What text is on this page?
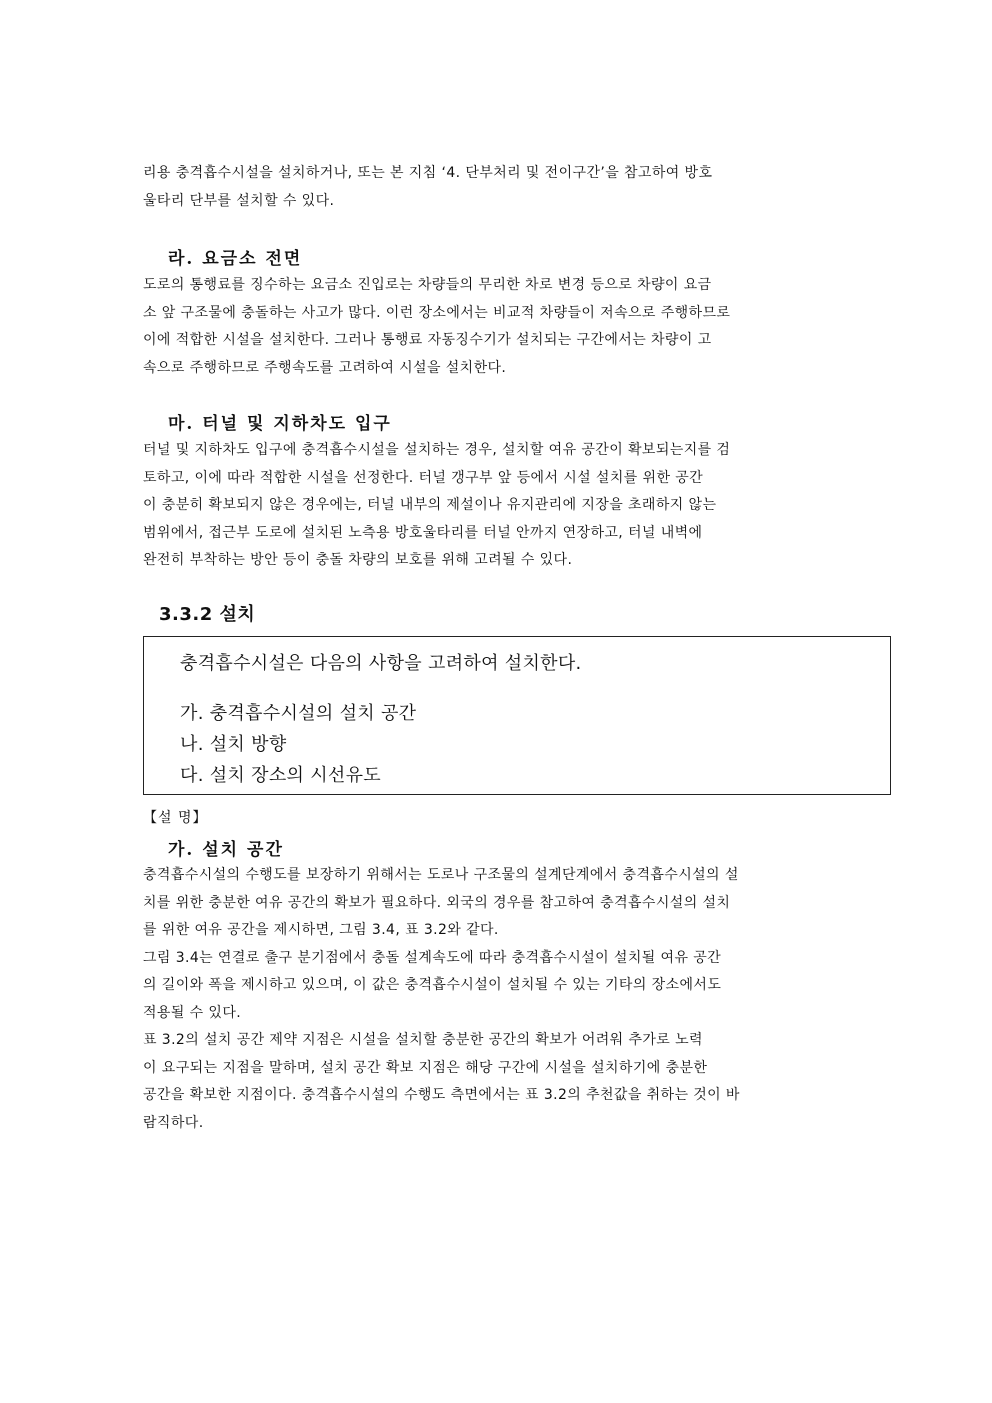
리용 충격흡수시설을 설치하거나, 또는 본 지침 ‘4. 단부처리 및 전이구간’을 참고하여 방호
울타리 단부를 설치할 수 있다.

라. 요금소 전면

도로의 통행료를 징수하는 요금소 진입로는 차량들의 무리한 차로 변경 등으로 차량이 요금
소 앞 구조물에 충돌하는 사고가 많다. 이런 장소에서는 비교적 차량들이 저속으로 주행하므로
이에 적합한 시설을 설치한다. 그러나 통행료 자동징수기가 설치되는 구간에서는 차량이 고
속으로 주행하므로 주행속도를 고려하여 시설을 설치한다.

마. 터널 및 지하차도 입구

터널 및 지하차도 입구에 충격흡수시설을 설치하는 경우, 설치할 여유 공간이 확보되는지를 검
토하고, 이에 따라 적합한 시설을 선정한다. 터널 갱구부 앞 등에서 시설 설치를 위한 공간
이 충분히 확보되지 않은 경우에는, 터널 내부의 제설이나 유지관리에 지장을 초래하지 않는
범위에서, 접근부 도로에 설치된 노측용 방호울타리를 터널 안까지 연장하고, 터널 내벽에
완전히 부착하는 방안 등이 충돌 차량의 보호를 위해 고려될 수 있다.

3.3.2 설치

충격흡수시설은 다음의 사항을 고려하여 설치한다.

가. 충격흡수시설의 설치 공간

나. 설치 방향

다. 설치 장소의 시선유도

【설 명】

가. 설치 공간

충격흡수시설의 수행도를 보장하기 위해서는 도로나 구조물의 설계단계에서 충격흡수시설의 설
치를 위한 충분한 여유 공간의 확보가 필요하다. 외국의 경우를 참고하여 충격흡수시설의 설치
를 위한 여유 공간을 제시하면, 그림 3.4, 표 3.2와 같다.
그림 3.4는 연결로 출구 분기점에서 충돌 설계속도에 따라 충격흡수시설이 설치될 여유 공간
의 길이와 폭을 제시하고 있으며, 이 값은 충격흡수시설이 설치될 수 있는 기타의 장소에서도
적용될 수 있다.
표 3.2의 설치 공간 제약 지점은 시설을 설치할 충분한 공간의 확보가 어려워 추가로 노력
이 요구되는 지점을 말하며, 설치 공간 확보 지점은 해당 구간에 시설을 설치하기에 충분한
공간을 확보한 지점이다. 충격흡수시설의 수행도 측면에서는 표 3.2의 추천값을 취하는 것이 바
람직하다.
